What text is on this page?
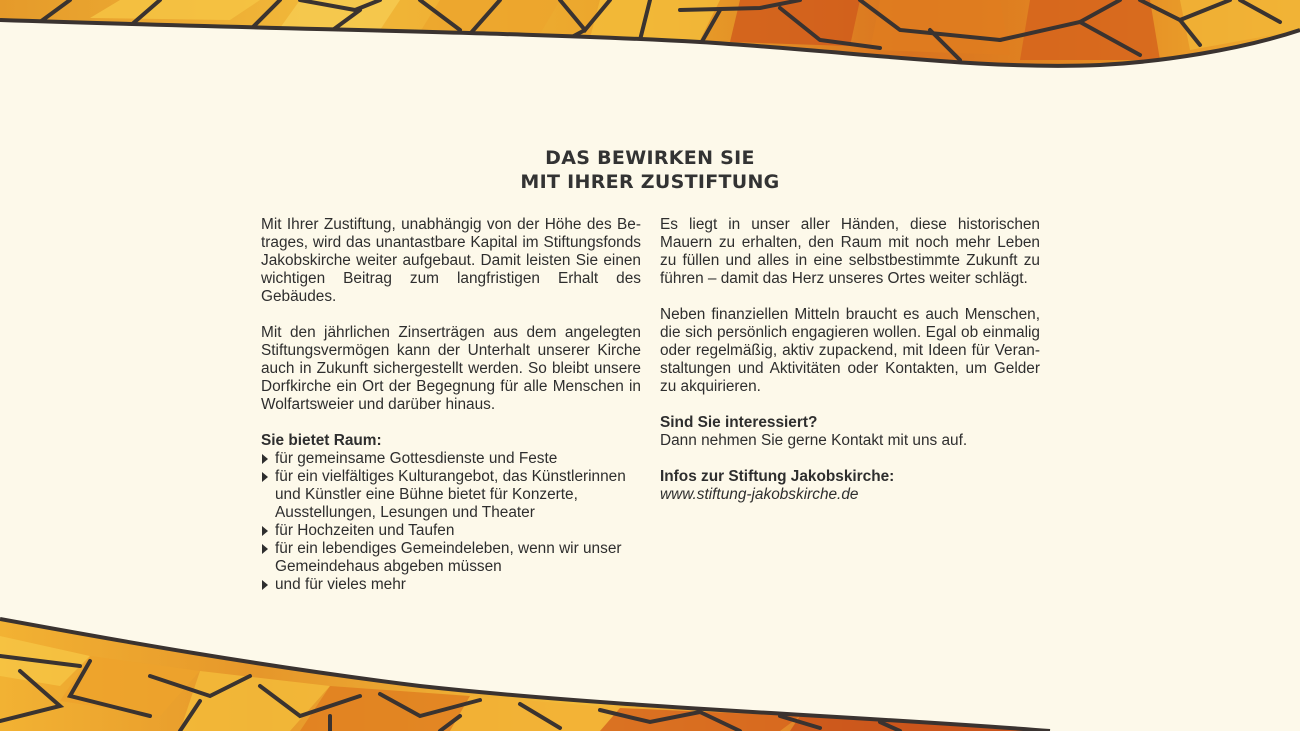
DAS BEWIRKEN SIE
MIT IHRER ZUSTIFTUNG

Mit Ihrer Zustiftung, unabhängig von der Höhe des Betrages, wird das unantastbare Kapital im Stiftungsfonds Jakobskirche weiter aufgebaut. Damit leisten Sie einen wichtigen Beitrag zum langfristigen Erhalt des Gebäudes.

Mit den jährlichen Zinserträgen aus dem angelegten Stiftungsvermögen kann der Unterhalt unserer Kirche auch in Zukunft sichergestellt werden. So bleibt unsere Dorfkirche ein Ort der Begegnung für alle Menschen in Wolfartsweier und darüber hinaus.

Sie bietet Raum:
für gemeinsame Gottesdienste und Feste
für ein vielfältiges Kulturangebot, das Künstlerinnen und Künstler eine Bühne bietet für Konzerte, Ausstellungen, Lesungen und Theater
für Hochzeiten und Taufen
für ein lebendiges Gemeindeleben, wenn wir unser Gemeindehaus abgeben müssen
und für vieles mehr

Es liegt in unser aller Händen, diese historischen Mauern zu erhalten, den Raum mit noch mehr Leben zu füllen und alles in eine selbstbestimmte Zukunft zu führen – damit das Herz unseres Ortes weiter schlägt.

Neben finanziellen Mitteln braucht es auch Menschen, die sich persönlich engagieren wollen. Egal ob einmalig oder regelmäßig, aktiv zupackend, mit Ideen für Veranstaltungen und Aktivitäten oder Kontakten, um Gelder zu akquirieren.

Sind Sie interessiert?
Dann nehmen Sie gerne Kontakt mit uns auf.

Infos zur Stiftung Jakobskirche:
www.stiftung-jakobskirche.de
